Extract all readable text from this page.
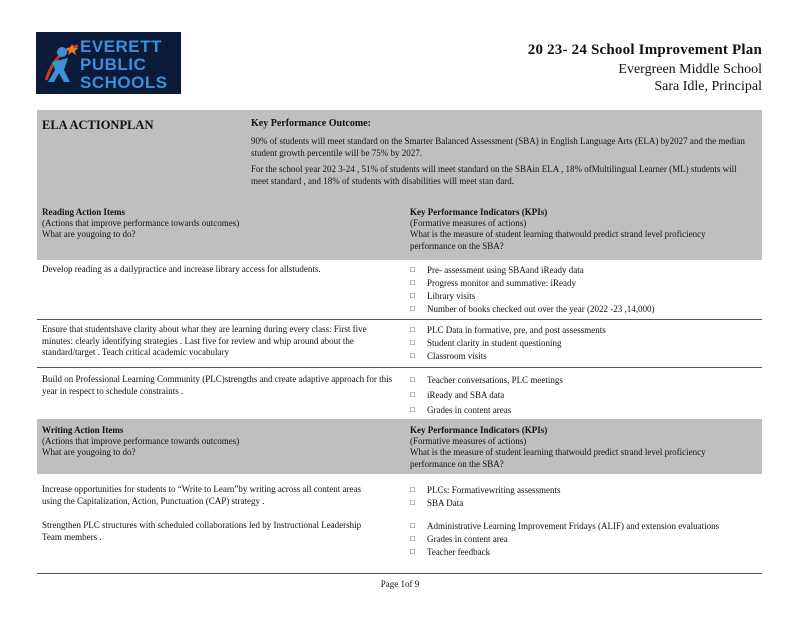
EVERETT
PUBLIC
SCHOOLS
20 23- 24 School Improvement Plan
Evergreen Middle School
Sara Idle, Principal
ELA ACTIONPLAN	Key Performance Outcome:
90% of students will meet standard on the Smarter Balanced Assessment (SBA) in English Language Arts (ELA) by2027 and the median student growth percentile will be 75% by 2027.
For the school year 202 3-24 , 51% of students will meet standard on the SBAin ELA , 18% ofMultilingual Learner (ML) students will meet standard , and 18% of students with disabilities will meet stan dard.
Reading Action Items
(Actions that improve performance towards outcomes)
What are yougoing to do?
Key Performance Indicators (KPIs)
(Formative measures of actions)
What is the measure of student learning thatwould predict strand level proficiency performance on the SBA?
Develop reading as a dailypractice and increase library access for allstudents.
□	Pre- assessment using SBAand iReady data
□ Progress monitor and summative: iReady
□ Library visits
□ Number of books checked out over the year (2022 -23 ,14,000)
Ensure that studentshave clarity about what they are learning during every class: First five minutes: clearly identifying strategies . Last five for review and whip around about the standard/target . Teach critical academic vocabulary
□ PLC Data in formative, pre, and post assessments
□ Student clarity in student questioning
□ Classroom visits
Build on Professional Learning Community (PLC)strengths and create adaptive approach for this year in respect to schedule constraints .
□ Teacher conversations, PLC meetings
□ iReady and SBA data
□ Grades in content areas
Writing Action Items
(Actions that improve performance towards outcomes)
What are yougoing to do?
Key Performance Indicators (KPIs)
(Formative measures of actions)
What is the measure of student learning thatwould predict strand level proficiency performance on the SBA?
Increase opportunities for students to “Write to Learn”by writing across all content areas using the Capitalization, Action, Punctuation (CAP) strategy .
□ PLCs: Formativewriting assessments
□ SBA Data
Strengthen PLC structures with scheduled collaborations led by Instructional Leadership Team members .
□ Administrative Learning Improvement Fridays (ALIF) and extension evaluations
□ Grades in content area
□ Teacher feedback
Page 1of 9
